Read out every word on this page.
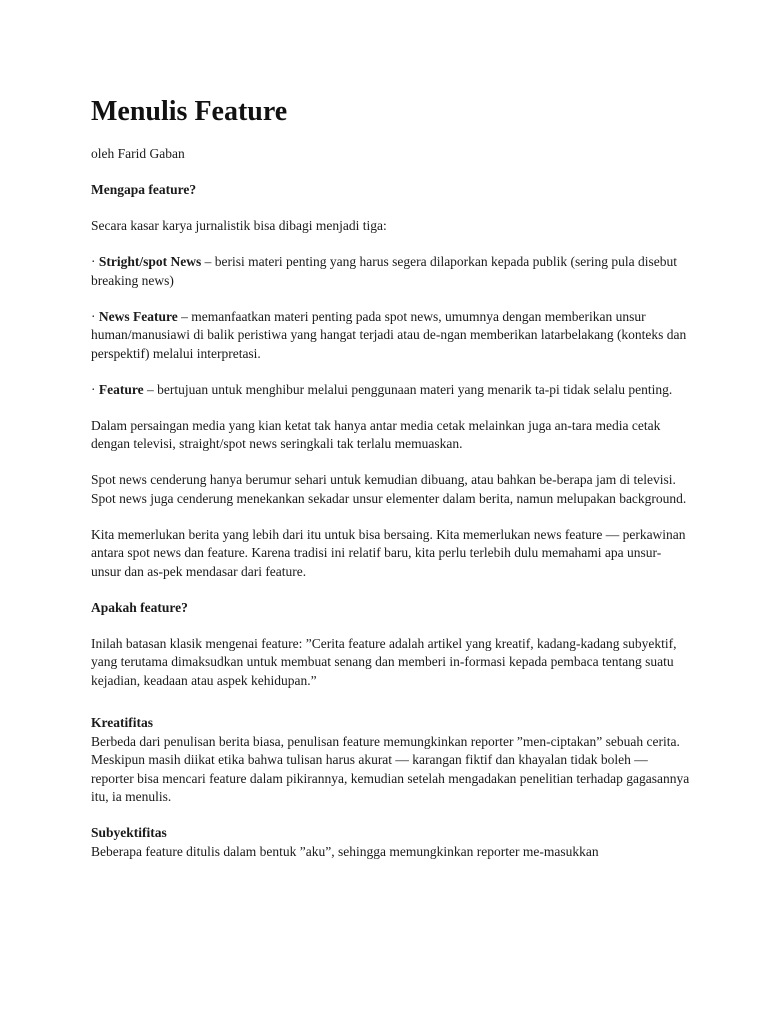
Menulis Feature

oleh Farid Gaban

Mengapa feature?

Secara kasar karya jurnalistik bisa dibagi menjadi tiga:

· Stright/spot News – berisi materi penting yang harus segera dilaporkan kepada publik (sering pula disebut breaking news)

· News Feature – memanfaatkan materi penting pada spot news, umumnya dengan memberikan unsur human/manusiawi di balik peristiwa yang hangat terjadi atau de-ngan memberikan latarbelakang (konteks dan perspektif) melalui interpretasi.

· Feature – bertujuan untuk menghibur melalui penggunaan materi yang menarik ta-pi tidak selalu penting.

Dalam persaingan media yang kian ketat tak hanya antar media cetak melainkan juga an-tara media cetak dengan televisi, straight/spot news seringkali tak terlalu memuaskan.

Spot news cenderung hanya berumur sehari untuk kemudian dibuang, atau bahkan be-berapa jam di televisi. Spot news juga cenderung menekankan sekadar unsur elementer dalam berita, namun melupakan background.

Kita memerlukan berita yang lebih dari itu untuk bisa bersaing. Kita memerlukan news feature — perkawinan antara spot news dan feature. Karena tradisi ini relatif baru, kita perlu terlebih dulu memahami apa unsur-unsur dan as-pek mendasar dari feature.

Apakah feature?

Inilah batasan klasik mengenai feature: ”Cerita feature adalah artikel yang kreatif, kadang-kadang subyektif, yang terutama dimaksudkan untuk membuat senang dan memberi in-formasi kepada pembaca tentang suatu kejadian, keadaan atau aspek kehidupan.”

Kreatifitas

Berbeda dari penulisan berita biasa, penulisan feature memungkinkan reporter ”men-ciptakan” sebuah cerita. Meskipun masih diikat etika bahwa tulisan harus akurat — karangan fiktif dan khayalan tidak boleh — reporter bisa mencari feature dalam pikirannya, kemudian setelah mengadakan penelitian terhadap gagasannya itu, ia menulis.

Subyektifitas

Beberapa feature ditulis dalam bentuk ”aku”, sehingga memungkinkan reporter me-masukkan
